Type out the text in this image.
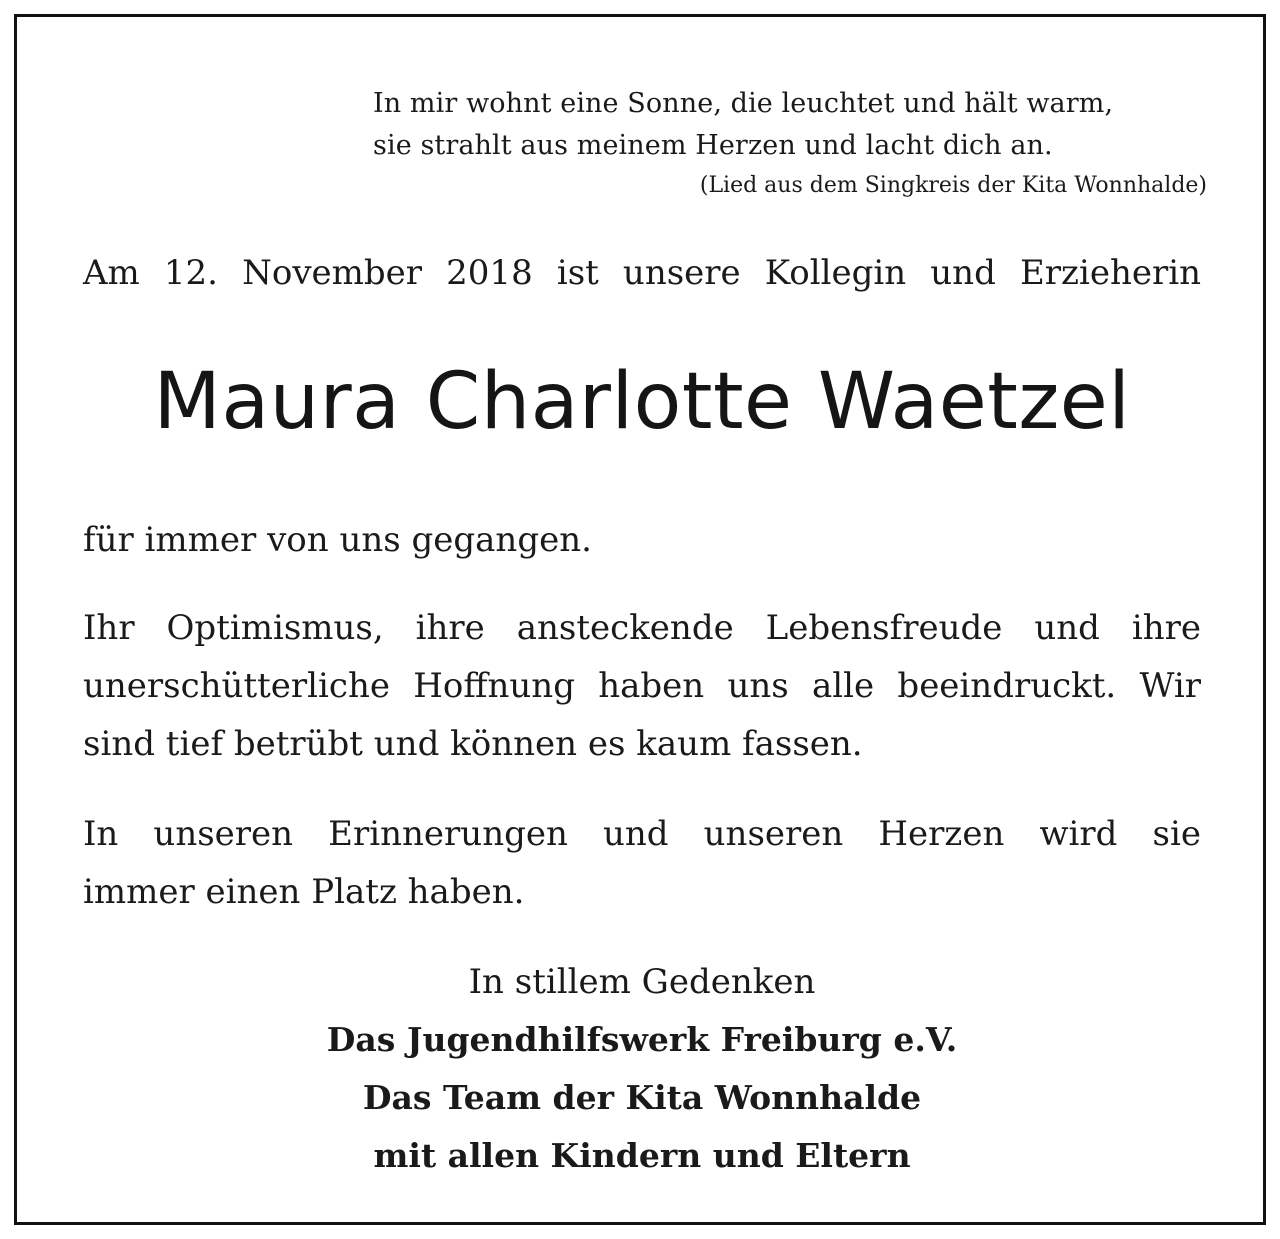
In mir wohnt eine Sonne, die leuchtet und hält warm,
sie strahlt aus meinem Herzen und lacht dich an.
(Lied aus dem Singkreis der Kita Wonnhalde)
Am 12. November 2018 ist unsere Kollegin und Erzieherin
Maura Charlotte Waetzel
für immer von uns gegangen.
Ihr Optimismus, ihre ansteckende Lebensfreude und ihre
unerschütterliche Hoffnung haben uns alle beeindruckt. Wir
sind tief betrübt und können es kaum fassen.
In unseren Erinnerungen und unseren Herzen wird sie
immer einen Platz haben.
In stillem Gedenken
Das Jugendhilfswerk Freiburg e.V.
Das Team der Kita Wonnhalde
mit allen Kindern und Eltern
